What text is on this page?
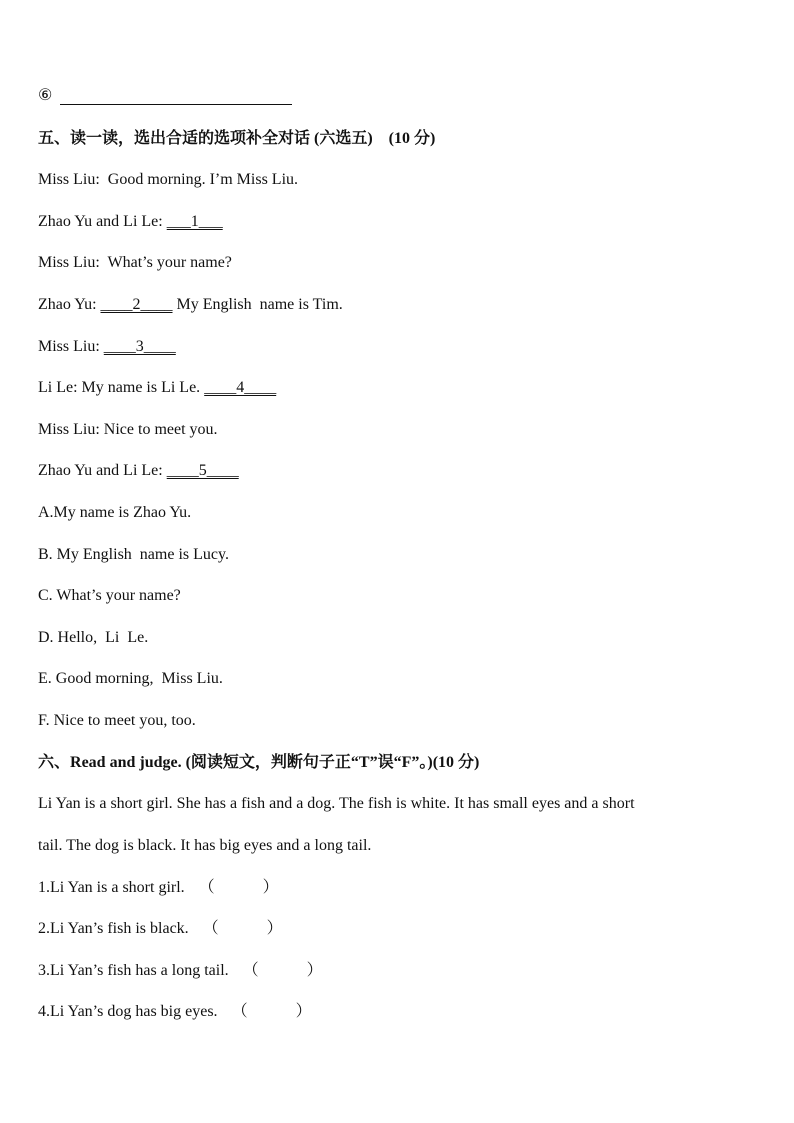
⑥
五、读一读，选出合适的选项补全对话 (六选五) (10 分)
Miss Liu:  Good morning. I’m Miss Liu.
Zhao Yu and Li Le: ___1___
Miss Liu:  What’s your name?
Zhao Yu: ____2____ My English  name is Tim.
Miss Liu: ____3____
Li Le: My name is Li Le. ____4____
Miss Liu: Nice to meet you.
Zhao Yu and Li Le: ____5____
A.My name is Zhao Yu.
B. My English  name is Lucy.
C. What’s your name?
D. Hello,  Li  Le.
E. Good morning,  Miss Liu.
F. Nice to meet you, too.
六、Read and judge. (阅读短文，判断句子正“T”误“F”。)(10 分)
Li Yan is a short girl. She has a fish and a dog. The fish is white. It has small eyes and a short
tail. The dog is black. It has big eyes and a long tail.
1.Li Yan is a short girl. （            ）
2.Li Yan’s fish is black. （            ）
3.Li Yan’s fish has a long tail. （            ）
4.Li Yan’s dog has big eyes. （            ）
